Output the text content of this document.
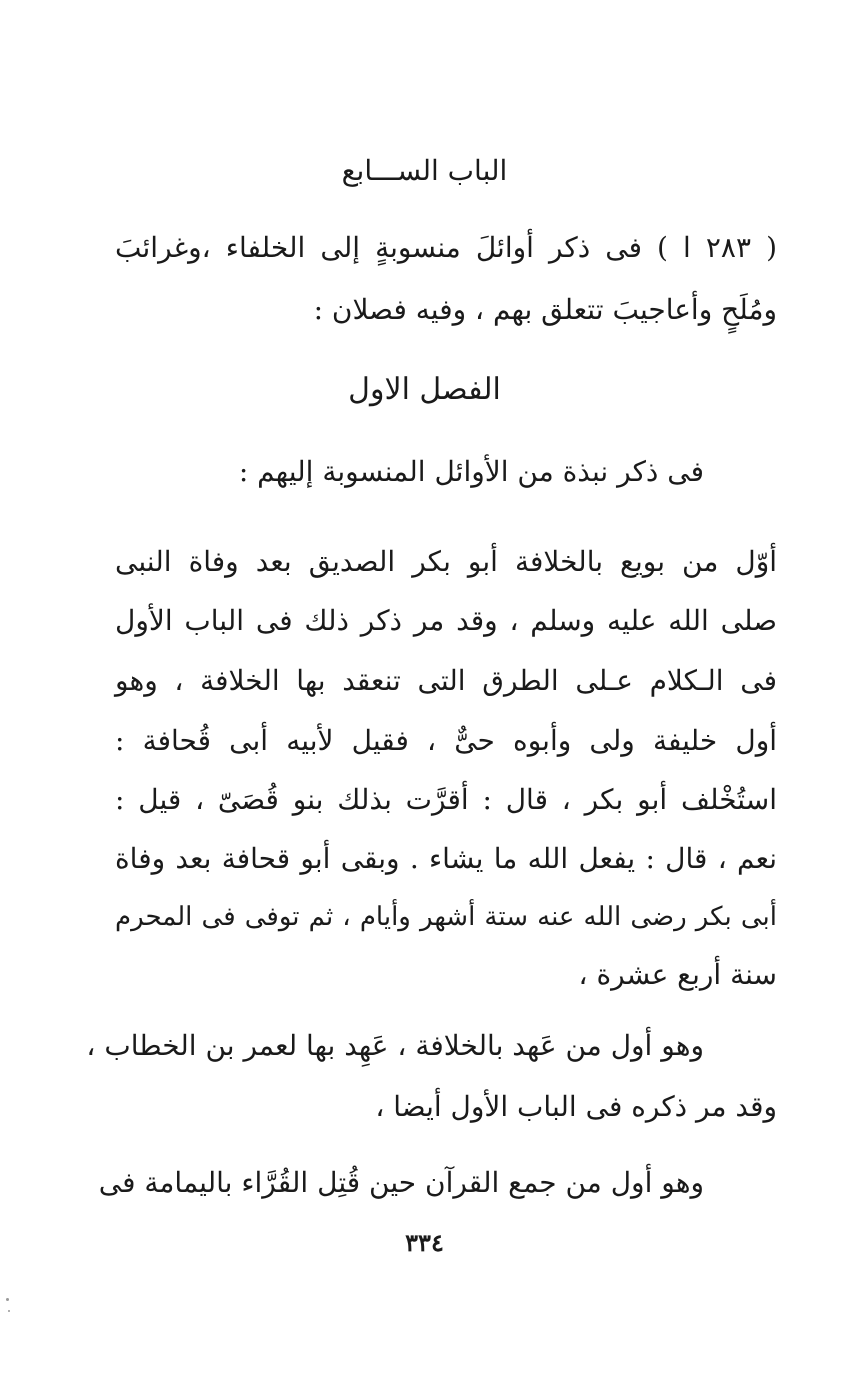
الباب الســـابع
( ٢٨٣ ا ) فى ذكر أوائلَ منسوبةٍ إلى الخلفاء ،وغرائبَ
ومُلَحٍ وأعاجيبَ تتعلق بهم ، وفيه فصلان :
الفصل الاول
فى ذكر نبذة من الأوائل المنسوبة إليهم :
أوّل من بويع بالخلافة أبو بكر الصديق بعد وفاة النبى
صلى الله عليه وسلم ، وقد مر ذكر ذلك فى الباب الأول
فى الـكلام عـلى الطرق التى تنعقد بها الخلافة ، وهو
أول خليفة ولى وأبوه حىٌّ ، فقيل لأبيه أبى قُحافة :
استُخْلف أبو بكر ، قال : أقرَّت بذلك بنو قُصَىّ ، قيل :
نعم ، قال : يفعل الله ما يشاء . وبقى أبو قحافة بعد وفاة
أبى بكر رضى الله عنه ستة أشهر وأيام ، ثم توفى فى المحرم
سنة أربع عشرة ،
وهو أول من عَهد بالخلافة ، عَهِد بها لعمر بن الخطاب ،
وقد مر ذكره فى الباب الأول أيضا ،
وهو أول من جمع القرآن حين قُتِل القُرَّاء باليمامة فى
٣٣٤
